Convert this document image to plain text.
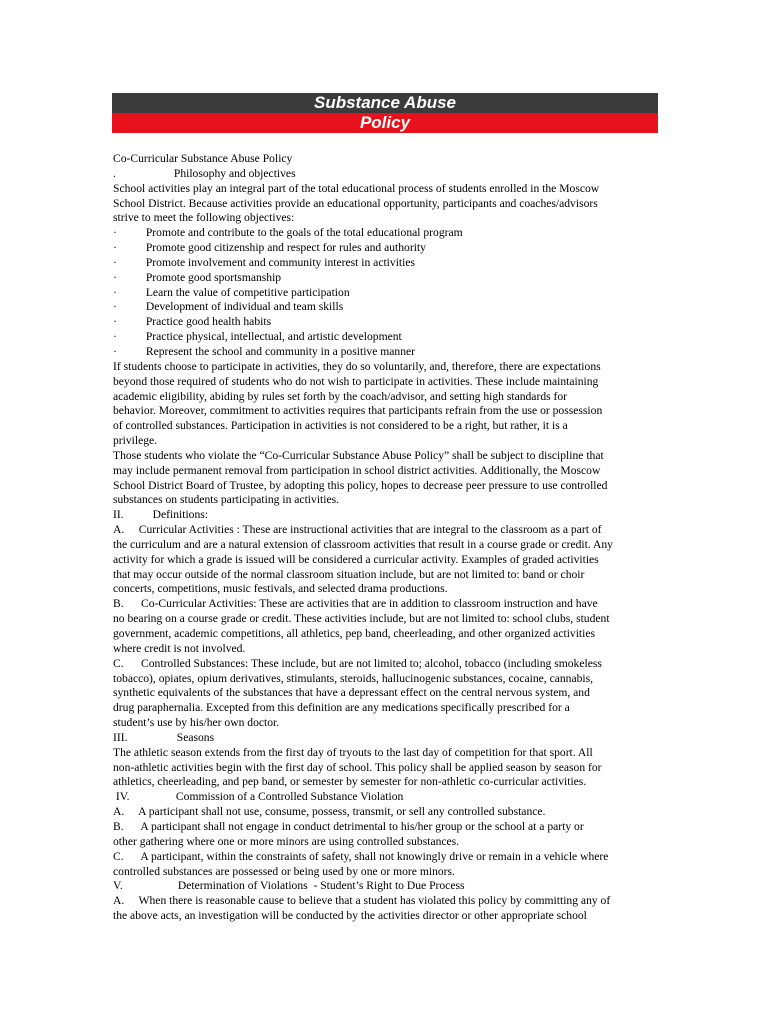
Substance Abuse
Policy
Co-Curricular Substance Abuse Policy
.                    Philosophy and objectives
School activities play an integral part of the total educational process of students enrolled in the Moscow
School District. Because activities provide an educational opportunity, participants and coaches/advisors
strive to meet the following objectives:
·          Promote and contribute to the goals of the total educational program
·          Promote good citizenship and respect for rules and authority
·          Promote involvement and community interest in activities
·          Promote good sportsmanship
·          Learn the value of competitive participation
·          Development of individual and team skills
·          Practice good health habits
·          Practice physical, intellectual, and artistic development
·          Represent the school and community in a positive manner
If students choose to participate in activities, they do so voluntarily, and, therefore, there are expectations
beyond those required of students who do not wish to participate in activities. These include maintaining
academic eligibility, abiding by rules set forth by the coach/advisor, and setting high standards for
behavior. Moreover, commitment to activities requires that participants refrain from the use or possession
of controlled substances. Participation in activities is not considered to be a right, but rather, it is a
privilege.
Those students who violate the “Co-Curricular Substance Abuse Policy” shall be subject to discipline that
may include permanent removal from participation in school district activities. Additionally, the Moscow
School District Board of Trustee, by adopting this policy, hopes to decrease peer pressure to use controlled
substances on students participating in activities.
II.          Definitions:
A.     Curricular Activities : These are instructional activities that are integral to the classroom as a part of
the curriculum and are a natural extension of classroom activities that result in a course grade or credit. Any
activity for which a grade is issued will be considered a curricular activity. Examples of graded activities
that may occur outside of the normal classroom situation include, but are not limited to: band or choir
concerts, competitions, music festivals, and selected drama productions.
B.      Co-Curricular Activities: These are activities that are in addition to classroom instruction and have
no bearing on a course grade or credit. These activities include, but are not limited to: school clubs, student
government, academic competitions, all athletics, pep band, cheerleading, and other organized activities
where credit is not involved.
C.      Controlled Substances: These include, but are not limited to; alcohol, tobacco (including smokeless
tobacco), opiates, opium derivatives, stimulants, steroids, hallucinogenic substances, cocaine, cannabis,
synthetic equivalents of the substances that have a depressant effect on the central nervous system, and
drug paraphernalia. Excepted from this definition are any medications specifically prescribed for a
student’s use by his/her own doctor.
III.                 Seasons
The athletic season extends from the first day of tryouts to the last day of competition for that sport. All
non-athletic activities begin with the first day of school. This policy shall be applied season by season for
athletics, cheerleading, and pep band, or semester by semester for non-athletic co-curricular activities.
IV.                Commission of a Controlled Substance Violation
A.     A participant shall not use, consume, possess, transmit, or sell any controlled substance.
B.      A participant shall not engage in conduct detrimental to his/her group or the school at a party or
other gathering where one or more minors are using controlled substances.
C.      A participant, within the constraints of safety, shall not knowingly drive or remain in a vehicle where
controlled substances are possessed or being used by one or more minors.
V.                   Determination of Violations  - Student’s Right to Due Process
A.     When there is reasonable cause to believe that a student has violated this policy by committing any of
the above acts, an investigation will be conducted by the activities director or other appropriate school
